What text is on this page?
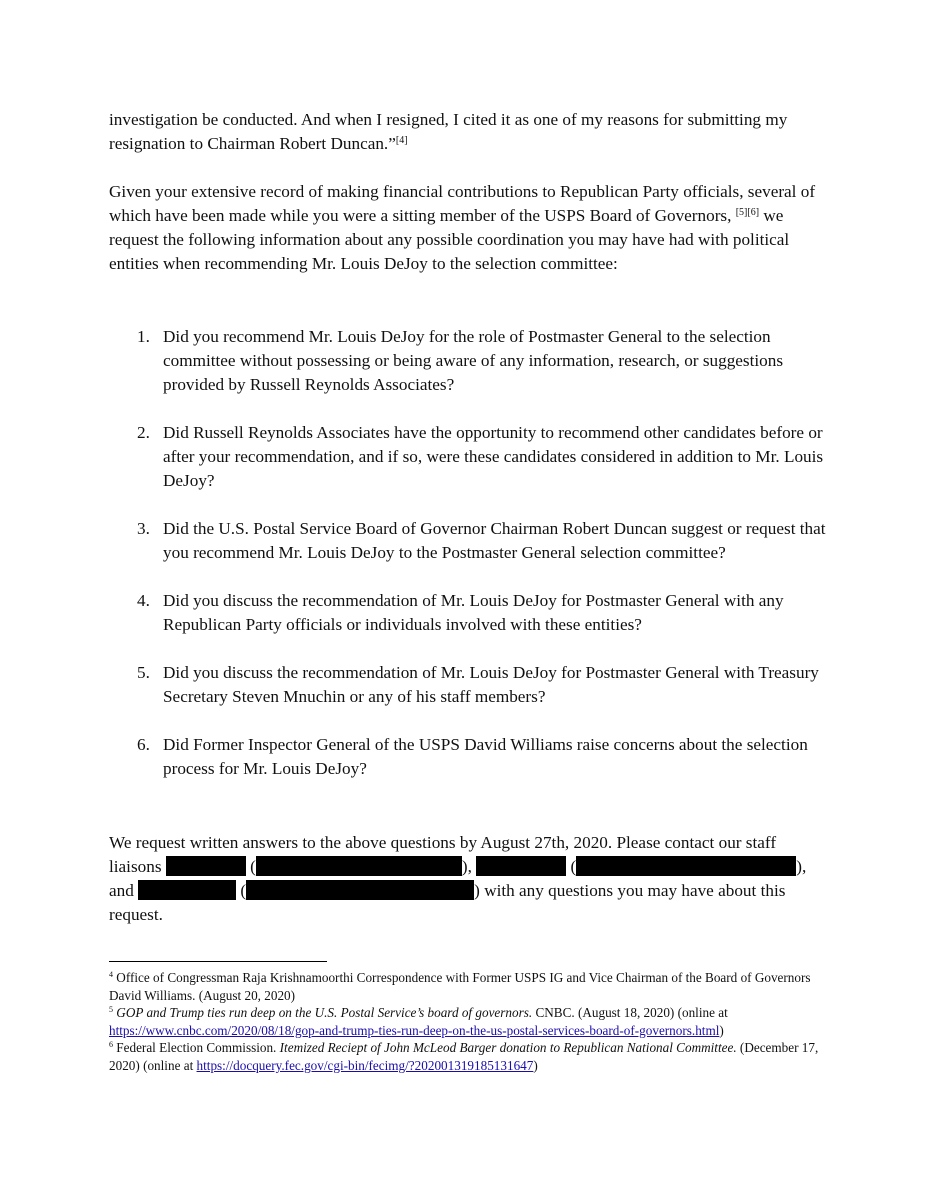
investigation be conducted. And when I resigned, I cited it as one of my reasons for submitting my resignation to Chairman Robert Duncan.”[4]

Given your extensive record of making financial contributions to Republican Party officials, several of which have been made while you were a sitting member of the USPS Board of Governors, [5][6] we request the following information about any possible coordination you may have had with political entities when recommending Mr. Louis DeJoy to the selection committee:

1. Did you recommend Mr. Louis DeJoy for the role of Postmaster General to the selection committee without possessing or being aware of any information, research, or suggestions provided by Russell Reynolds Associates?
2. Did Russell Reynolds Associates have the opportunity to recommend other candidates before or after your recommendation, and if so, were these candidates considered in addition to Mr. Louis DeJoy?
3. Did the U.S. Postal Service Board of Governor Chairman Robert Duncan suggest or request that you recommend Mr. Louis DeJoy to the Postmaster General selection committee?
4. Did you discuss the recommendation of Mr. Louis DeJoy for Postmaster General with any Republican Party officials or individuals involved with these entities?
5. Did you discuss the recommendation of Mr. Louis DeJoy for Postmaster General with Treasury Secretary Steven Mnuchin or any of his staff members?
6. Did Former Inspector General of the USPS David Williams raise concerns about the selection process for Mr. Louis DeJoy?

We request written answers to the above questions by August 27th, 2020. Please contact our staff liaisons	(	),	(	), and	(	) with any questions you may have about this request.

$^4$ Office of Congressman Raja Krishnamoorthi Correspondence with Former USPS IG and Vice Chairman of the Board of Governors David Williams. (August 20, 2020)

$^5$ GOP and Trump ties run deep on the U.S. Postal Service’s board of governors. CNBC. (August 18, 2020) (online at https://www.cnbc.com/2020/08/18/gop-and-trump-ties-run-deep-on-the-us-postal-services-board-of-governors.html)

$^6$ Federal Election Commission. Itemized Reciept of John McLeod Barger donation to Republican National Committee. (December 17, 2020) (online at https://docquery.fec.gov/cgi-bin/fecimg/?202001319185131647)
